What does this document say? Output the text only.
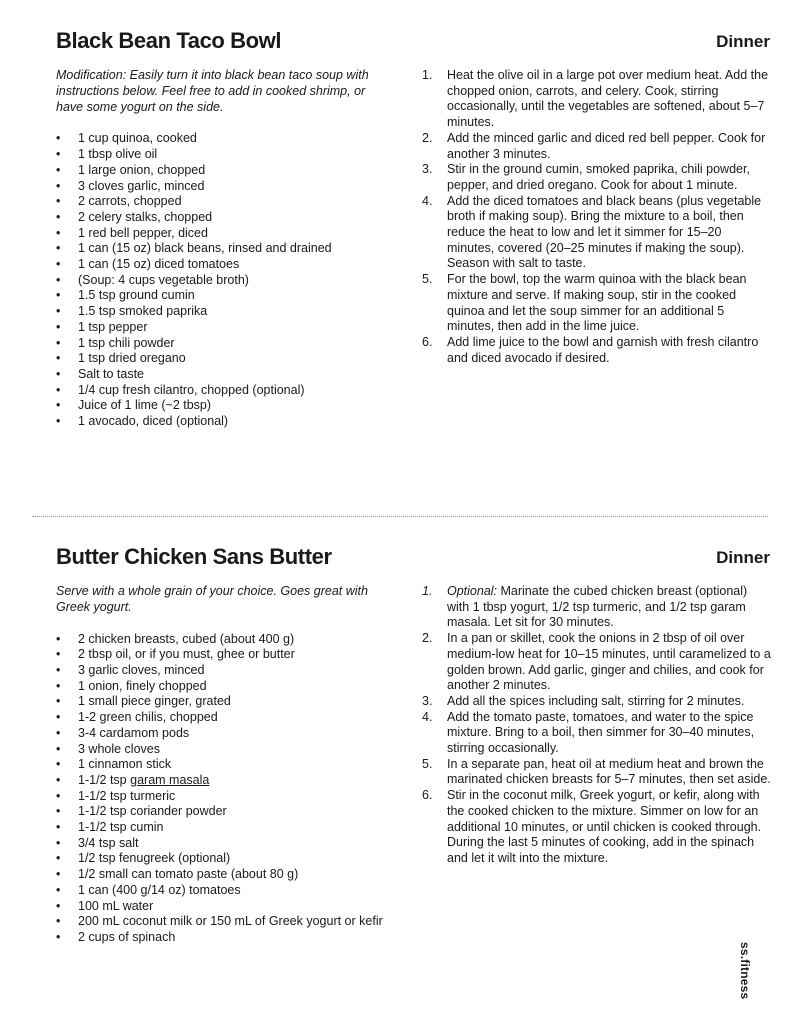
Black Bean Taco Bowl	Dinner

Modification: Easily turn it into black bean taco soup with instructions below. Feel free to add in cooked shrimp, or have some yogurt on the side.

• 1 cup quinoa, cooked
• 1 tbsp olive oil
• 1 large onion, chopped
• 3 cloves garlic, minced
• 2 carrots, chopped
• 2 celery stalks, chopped
• 1 red bell pepper, diced
• 1 can (15 oz) black beans, rinsed and drained
• 1 can (15 oz) diced tomatoes
• (Soup: 4 cups vegetable broth)
• 1.5 tsp ground cumin
• 1.5 tsp smoked paprika
• 1 tsp pepper
• 1 tsp chili powder
• 1 tsp dried oregano
• Salt to taste
• 1/4 cup fresh cilantro, chopped (optional)
• Juice of 1 lime (~2 tbsp)
• 1 avocado, diced (optional)
1. Heat the olive oil in a large pot over medium heat. Add the chopped onion, carrots, and celery. Cook, stirring occasionally, until the vegetables are softened, about 5–7 minutes.
2. Add the minced garlic and diced red bell pepper. Cook for another 3 minutes.
3. Stir in the ground cumin, smoked paprika, chili powder, pepper, and dried oregano. Cook for about 1 minute.
4. Add the diced tomatoes and black beans (plus vegetable broth if making soup). Bring the mixture to a boil, then reduce the heat to low and let it simmer for 15–20 minutes, covered (20–25 minutes if making the soup). Season with salt to taste.
5. For the bowl, top the warm quinoa with the black bean mixture and serve. If making soup, stir in the cooked quinoa and let the soup simmer for an additional 5 minutes, then add in the lime juice.
6. Add lime juice to the bowl and garnish with fresh cilantro and diced avocado if desired.
Butter Chicken Sans Butter	Dinner

Serve with a whole grain of your choice. Goes great with Greek yogurt.

• 2 chicken breasts, cubed (about 400 g)
• 2 tbsp oil, or if you must, ghee or butter
• 3 garlic cloves, minced
• 1 onion, finely chopped
• 1 small piece ginger, grated
• 1-2 green chilis, chopped
• 3-4 cardamom pods
• 3 whole cloves
• 1 cinnamon stick
• 1-1/2 tsp garam masala
• 1-1/2 tsp turmeric
• 1-1/2 tsp coriander powder
• 1-1/2 tsp cumin
• 3/4 tsp salt
• 1/2 tsp fenugreek (optional)
• 1/2 small can tomato paste (about 80 g)
• 1 can (400 g/14 oz) tomatoes
• 100 mL water
• 200 mL coconut milk or 150 mL of Greek yogurt or kefir
• 2 cups of spinach
1. Optional: Marinate the cubed chicken breast (optional) with 1 tbsp yogurt, 1/2 tsp turmeric, and 1/2 tsp garam masala. Let sit for 30 minutes.
2. In a pan or skillet, cook the onions in 2 tbsp of oil over medium-low heat for 10–15 minutes, until caramelized to a golden brown. Add garlic, ginger and chilies, and cook for another 2 minutes.
3. Add all the spices including salt, stirring for 2 minutes.
4. Add the tomato paste, tomatoes, and water to the spice mixture. Bring to a boil, then simmer for 30–40 minutes, stirring occasionally.
5. In a separate pan, heat oil at medium heat and brown the marinated chicken breasts for 5–7 minutes, then set aside.
6. Stir in the coconut milk, Greek yogurt, or kefir, along with the cooked chicken to the mixture. Simmer on low for an additional 10 minutes, or until chicken is cooked through. During the last 5 minutes of cooking, add in the spinach and let it wilt into the mixture.
ss.fitness
